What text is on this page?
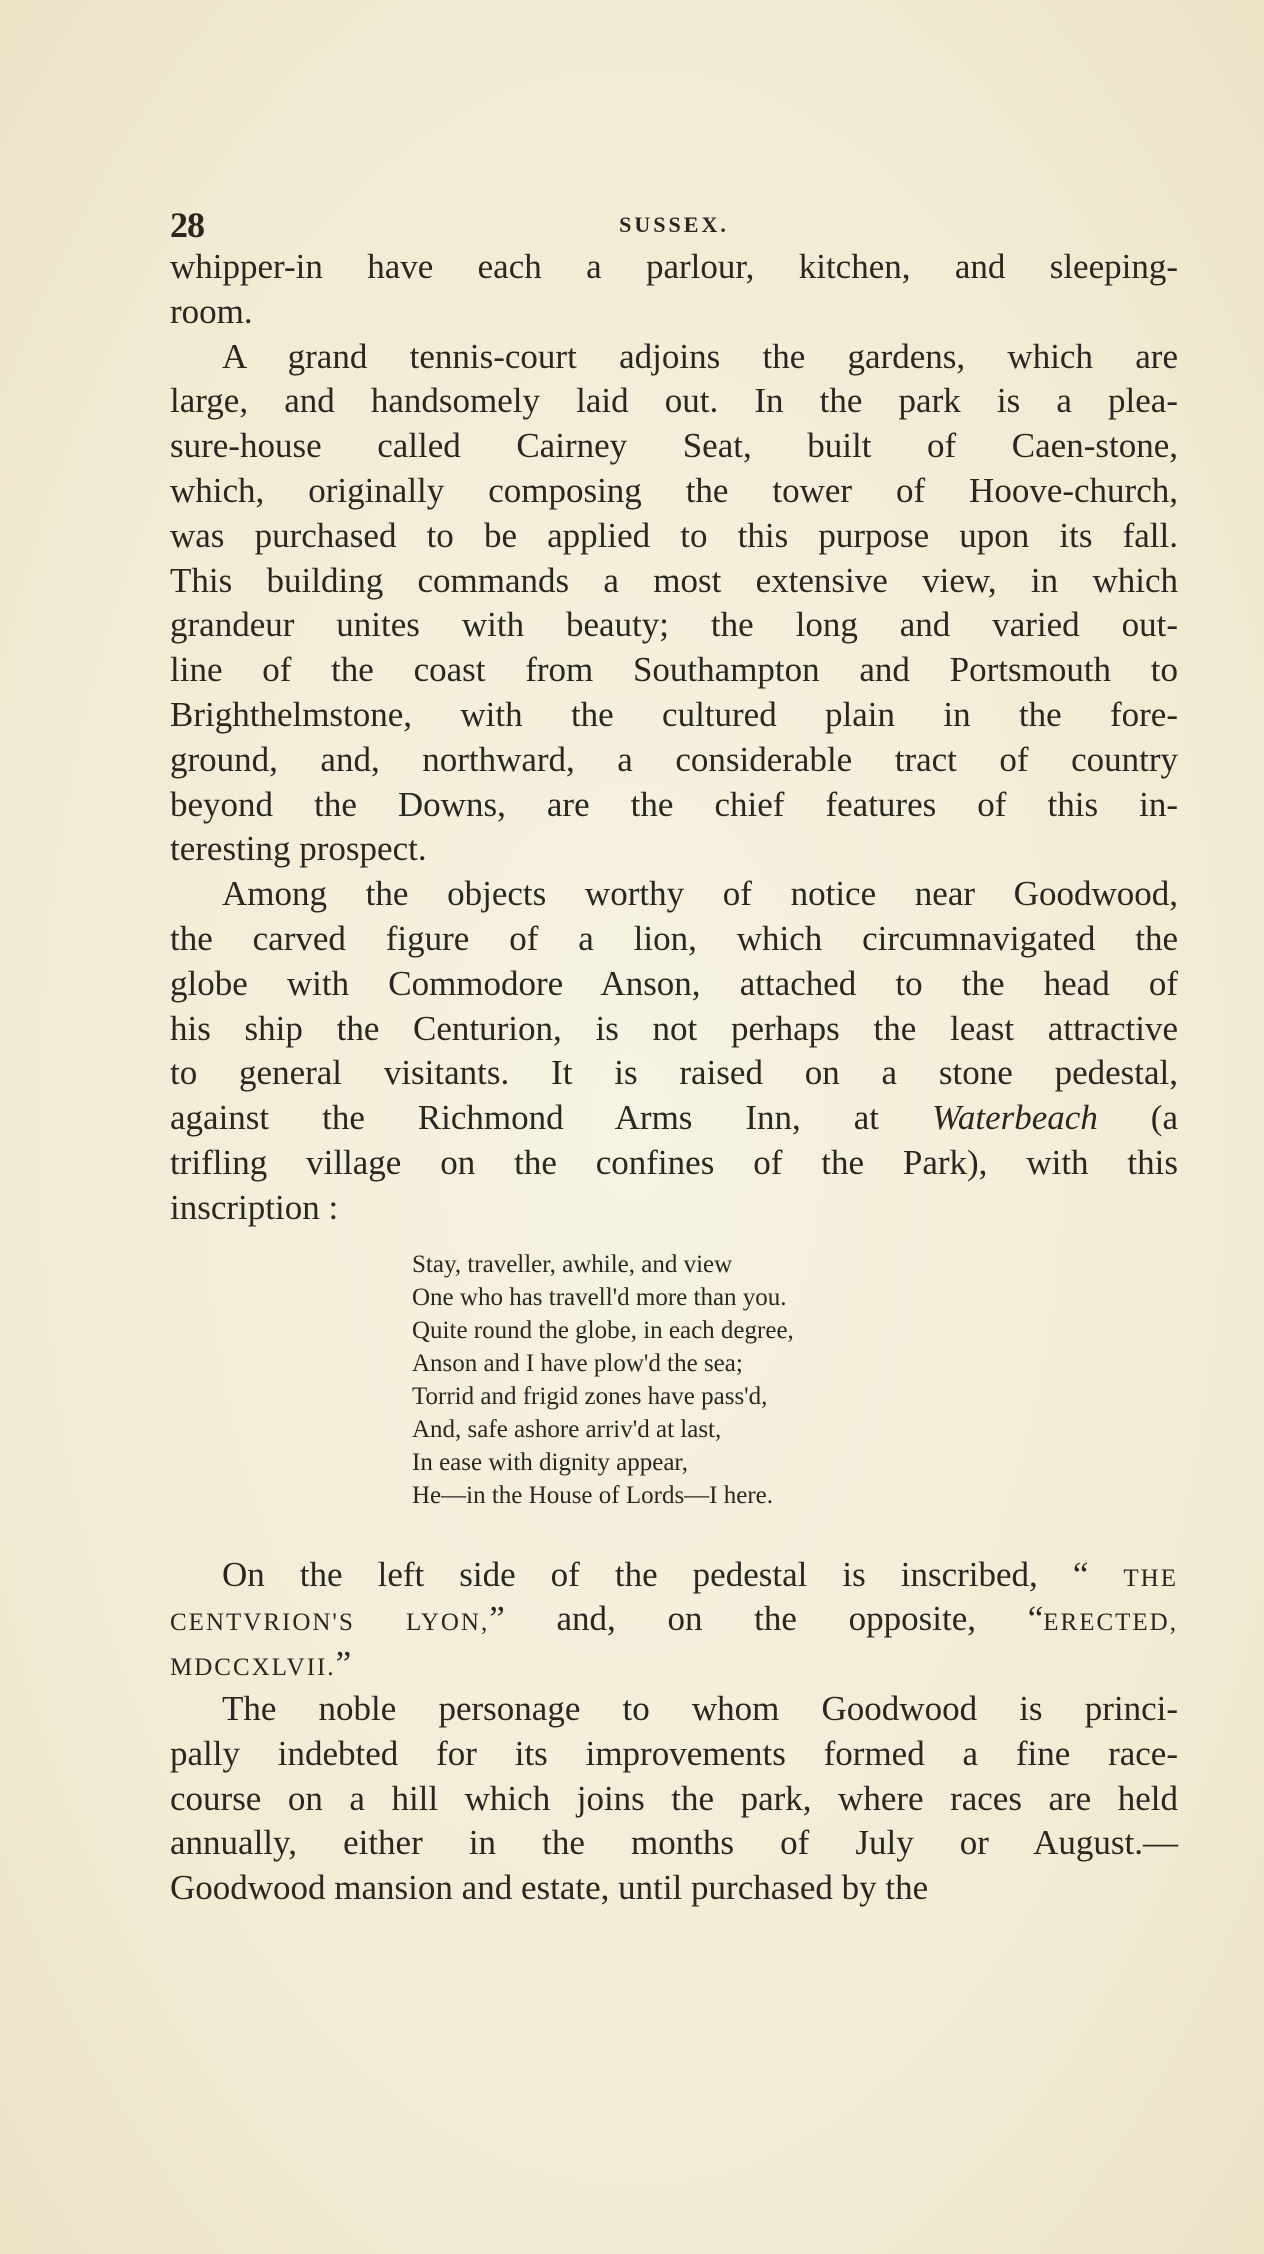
28	SUSSEX.
whipper-in have each a parlour, kitchen, and sleeping-
room.
A grand tennis-court adjoins the gardens, which are
large, and handsomely laid out. In the park is a plea-
sure-house called Cairney Seat, built of Caen-stone,
which, originally composing the tower of Hoove-church,
was purchased to be applied to this purpose upon its fall.
This building commands a most extensive view, in which
grandeur unites with beauty; the long and varied out-
line of the coast from Southampton and Portsmouth to
Brighthelmstone, with the cultured plain in the fore-
ground, and, northward, a considerable tract of country
beyond the Downs, are the chief features of this in-
teresting prospect.
Among the objects worthy of notice near Goodwood,
the carved figure of a lion, which circumnavigated the
globe with Commodore Anson, attached to the head of
his ship the Centurion, is not perhaps the least attractive
to general visitants. It is raised on a stone pedestal,
against the Richmond Arms Inn, at Waterbeach (a
trifling village on the confines of the Park), with this
inscription :
Stay, traveller, awhile, and view
One who has travell'd more than you.
Quite round the globe, in each degree,
Anson and I have plow'd the sea;
Torrid and frigid zones have pass'd,
And, safe ashore arriv'd at last,
In ease with dignity appear,
He—in the House of Lords—I here.
On the left side of the pedestal is inscribed, “ THE
CENTVRION'S LYON,” and, on the opposite, “ERECTED,
MDCCXLVII.”
The noble personage to whom Goodwood is princi-
pally indebted for its improvements formed a fine race-
course on a hill which joins the park, where races are held
annually, either in the months of July or August.—
Goodwood mansion and estate, until purchased by the
